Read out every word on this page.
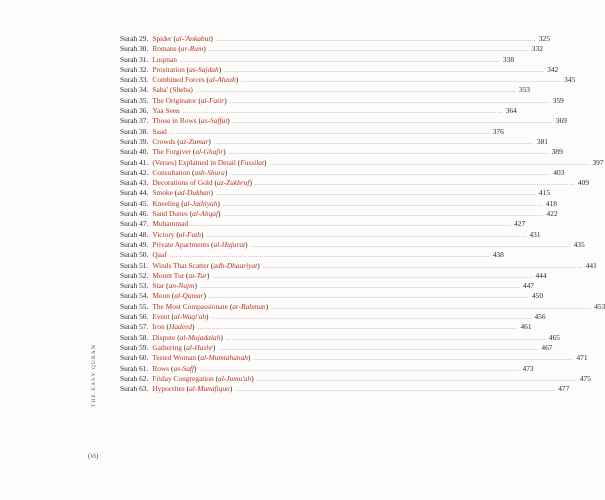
Surah 29. Spider (al-'Ankabut) ................................................................................................................................................................ 325
Surah 30. Romans (ar-Rum) ................................................................................................................................................................ 332
Surah 31. Luqman ................................................................................................................................................................ 338
Surah 32. Prostration (as-Sajdah) ................................................................................................................................................................ 342
Surah 33. Combined Forces (al-Ahzab) ................................................................................................................................................................ 345
Surah 34. Saba' (Sheba) ................................................................................................................................................................ 353
Surah 35. The Originator (al-Fatir) ................................................................................................................................................................ 359
Surah 36. Yaa Seen ................................................................................................................................................................ 364
Surah 37. Those in Rows (as-Saffat) ................................................................................................................................................................ 369
Surah 38. Saad ................................................................................................................................................................ 376
Surah 39. Crowds (az-Zumar) ................................................................................................................................................................ 381
Surah 40. The Forgiver (al-Ghafir) ................................................................................................................................................................ 389
Surah 41. (Verses) Explained in Detail (Fussilat) ................................................................................................................................................................ 397
Surah 42. Consultation (ash-Shura) ................................................................................................................................................................ 403
Surah 43. Decorations of Gold (az-Zukhruf) ................................................................................................................................................................ 409
Surah 44. Smoke (ad-Dukhan) ................................................................................................................................................................ 415
Surah 45. Kneeling (al-Jathiyah) ................................................................................................................................................................ 418
Surah 46. Sand Dunes (al-Ahqaf) ................................................................................................................................................................ 422
Surah 47. Muhammad ................................................................................................................................................................ 427
Surah 48. Victory (al-Fath) ................................................................................................................................................................ 431
Surah 49. Private Apartments (al-Hujurat) ................................................................................................................................................................ 435
Surah 50. Qaaf ................................................................................................................................................................ 438
Surah 51. Winds That Scatter (adh-Dhaariyat) ................................................................................................................................................................ 441
Surah 52. Mount Tur (at-Tur) ................................................................................................................................................................ 444
Surah 53. Star (an-Najm) ................................................................................................................................................................ 447
Surah 54. Moon (al-Qamar) ................................................................................................................................................................ 450
Surah 55. The Most Compassionate (ar-Rahman) ................................................................................................................................................................ 453
Surah 56. Event (al-Waqi'ah) ................................................................................................................................................................ 456
Surah 57. Iron (Hadeed) ................................................................................................................................................................ 461
Surah 58. Dispute (al-Mujadalah) ................................................................................................................................................................ 465
Surah 59. Gathering (al-Hashr) ................................................................................................................................................................ 467
Surah 60. Tested Woman (al-Mumtahanah) ................................................................................................................................................................ 471
Surah 61. Rows (as-Saff) ................................................................................................................................................................ 473
Surah 62. Friday Congregation (al-Jumu'ah) ................................................................................................................................................................ 475
Surah 63. Hypocrites (al-Munafiqun) ................................................................................................................................................................ 477
THE EASY QURAN
(vi)
